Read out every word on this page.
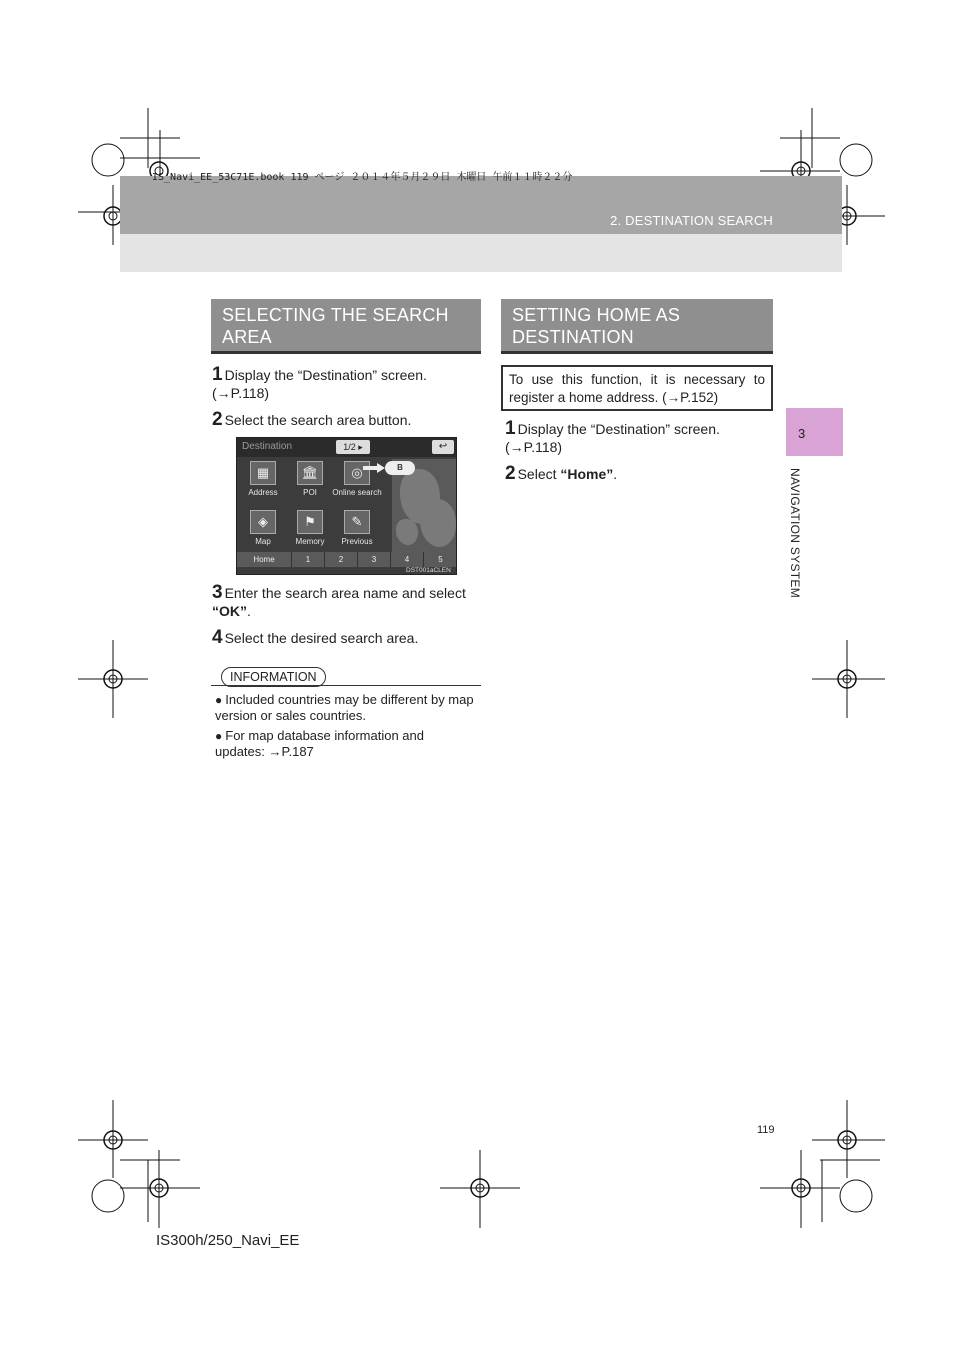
IS_Navi_EE_53C71E.book 119 ページ ２０１４年５月２９日 木曜日 午前１１時２２分
2. DESTINATION SEARCH
3
NAVIGATION SYSTEM
SELECTING THE SEARCH
AREA
1 Display the “Destination” screen. (→P.118)
2 Select the search area button.
Destination	1/2 ▸	↩
▦
Address
🏛
POI
◎
Online search
◈
Map
⚑
Memory
✎
Previous
B
Home	1	2	3	4	5
DST001aCLEN
3 Enter the search area name and select “OK”.
4 Select the desired search area.
INFORMATION
● Included countries may be different by map version or sales countries.
● For map database information and updates: →P.187
SETTING HOME AS
DESTINATION
To use this function, it is necessary to register a home address. (→P.152)
1 Display the “Destination” screen. (→P.118)
2 Select “Home”.
119
IS300h/250_Navi_EE
